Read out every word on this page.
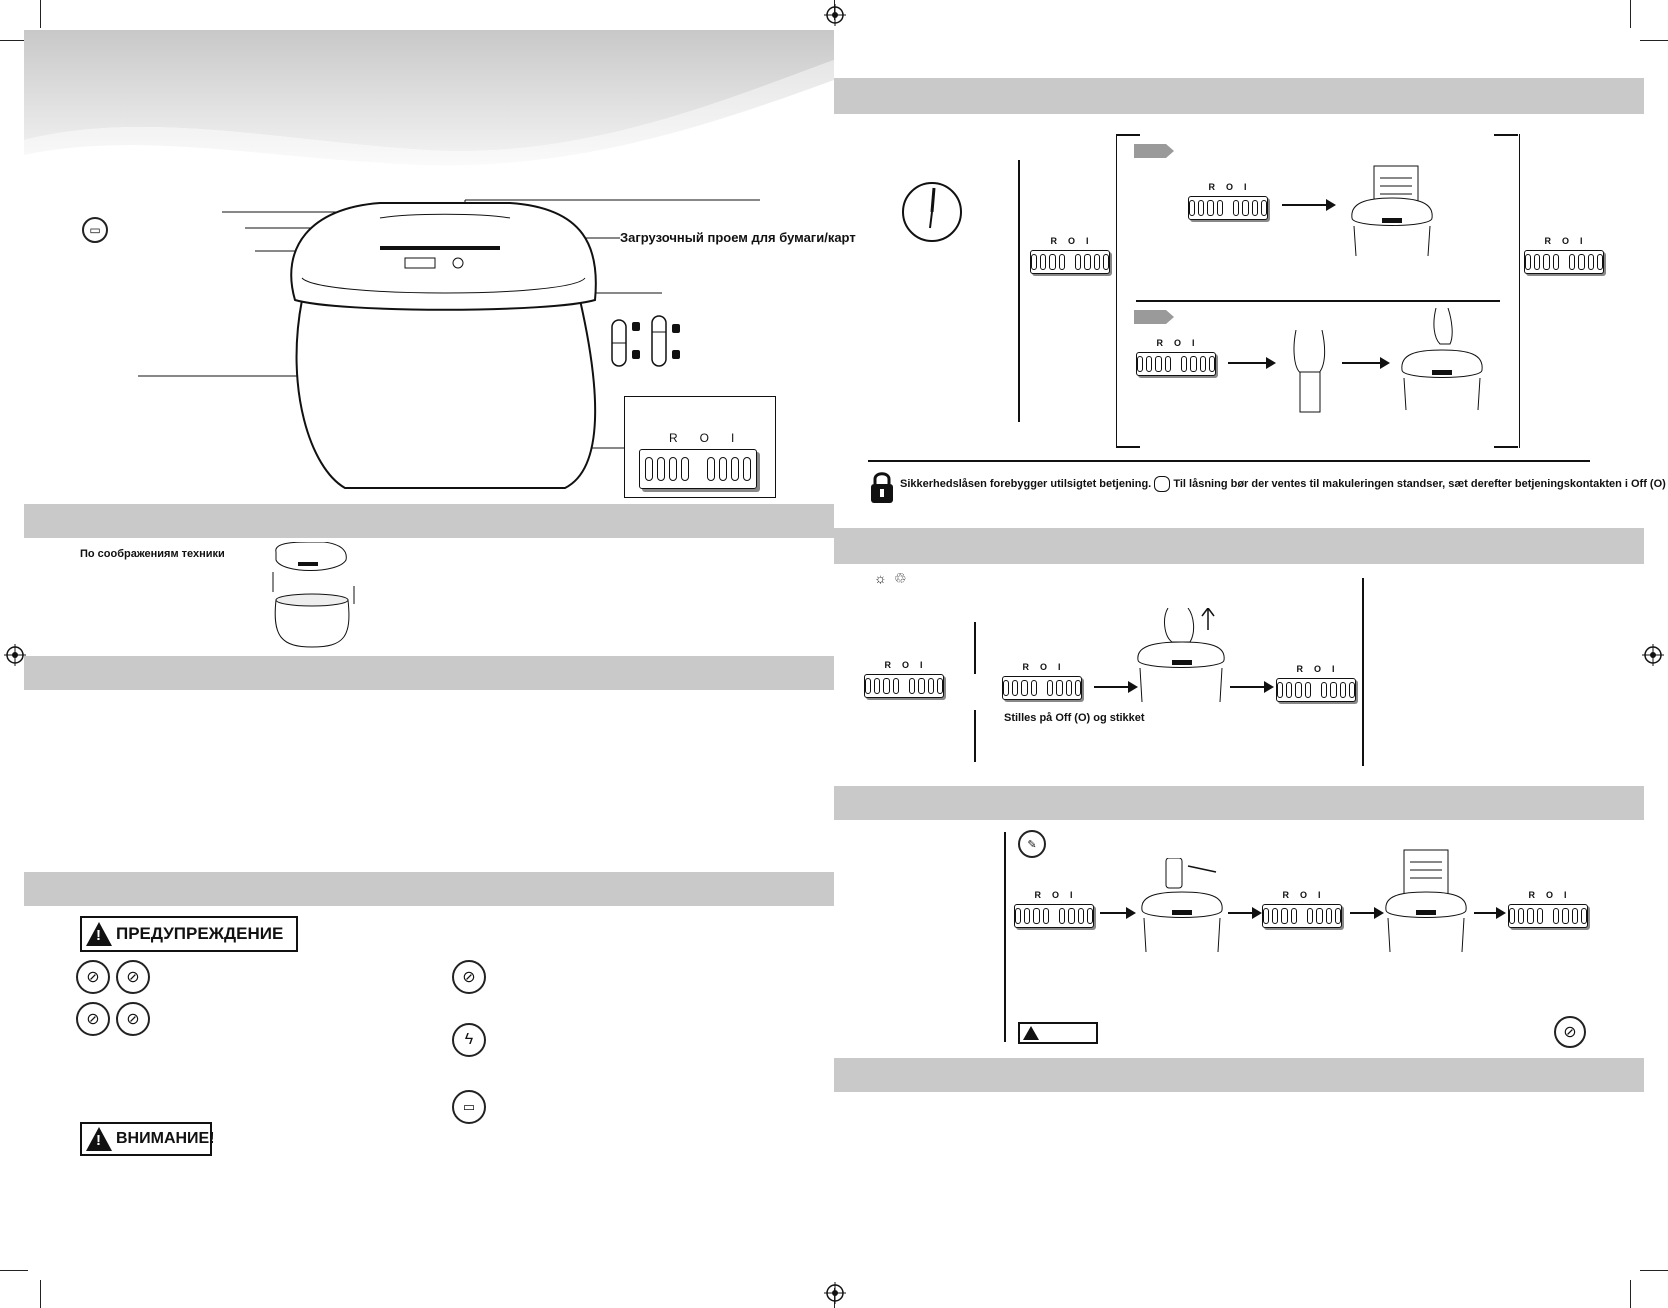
▭	Загрузочный проем для бумаги/карт
ROI
По соображениям техники
!
ПРЕДУПРЕЖДЕНИЕ
⊘	⊘
⊘	⊘
⊘
ϟ
▭
!
ВНИМАНИЕ!
R O I
R O I
R O I
R O I
Sikkerhedslåsen forebygger utilsigtet betjening. Til låsning bør der ventes til makuleringen standser, sæt derefter betjeningskontakten i Off (O)
☼ ♲
R O I	R O I	R O I
Stilles på Off (O) og stikket
✎
R O I	R O I	R O I
⊘
